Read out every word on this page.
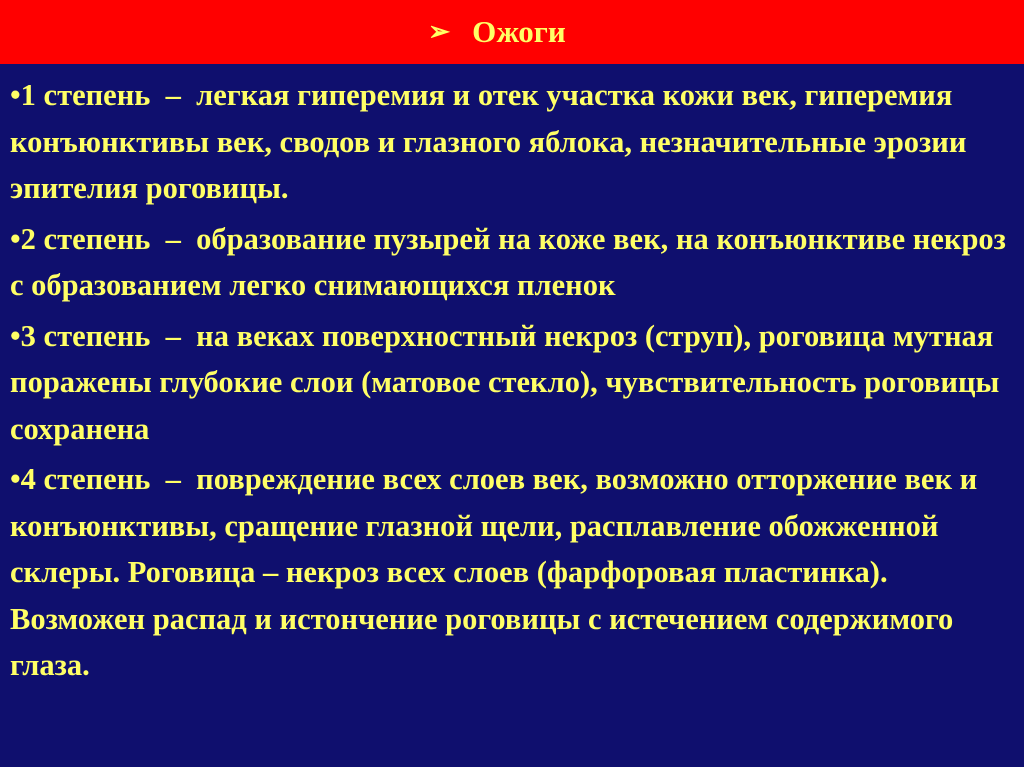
➢ Ожоги

•1 степень  –  легкая гиперемия и отек участка кожи век, гиперемия конъюнктивы век, сводов и глазного яблока, незначительные эрозии   эпителия роговицы.

•2 степень  –  образование пузырей на коже век, на конъюнктиве некроз с образованием легко снимающихся пленок

•3 степень  –  на веках поверхностный некроз (струп), роговица мутная  поражены глубокие слои (матовое стекло), чувствительность роговицы сохранена

•4 степень  –  повреждение всех слоев век, возможно отторжение век и конъюнктивы, сращение глазной щели, расплавление обожженной склеры. Роговица – некроз всех слоев (фарфоровая пластинка). Возможен распад и истончение роговицы с истечением содержимого глаза.
